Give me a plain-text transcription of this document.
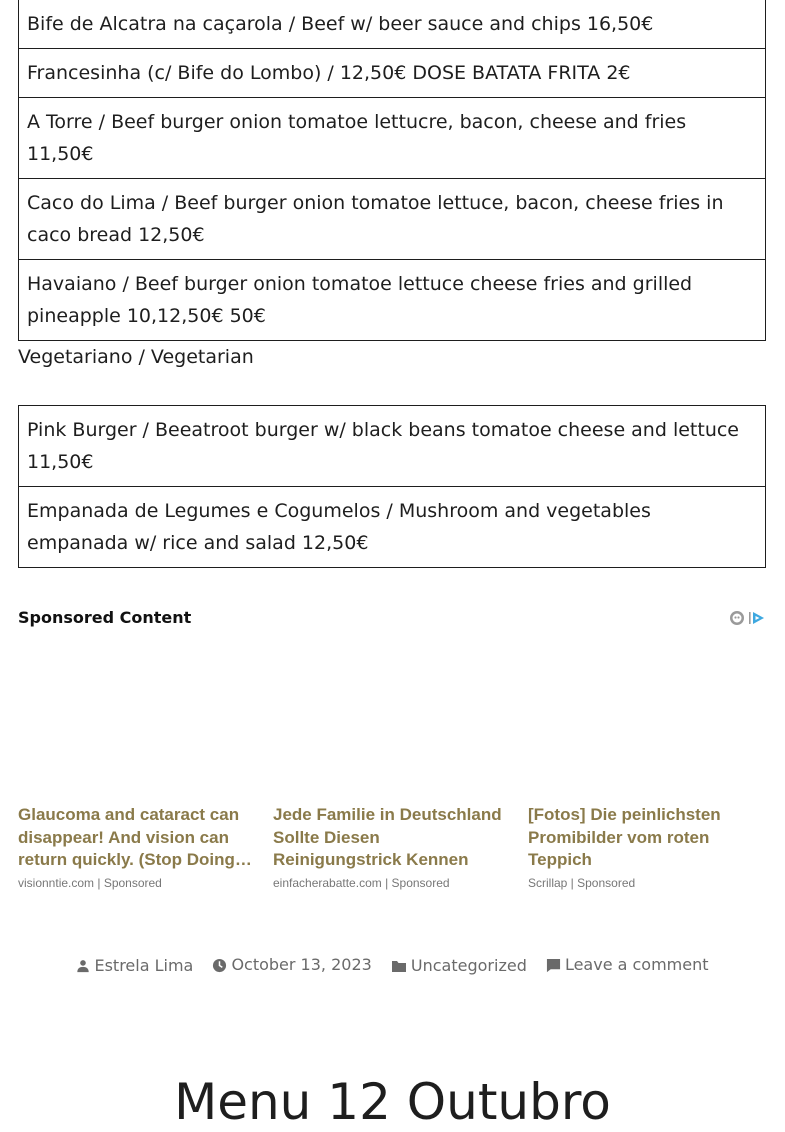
Bife de Alcatra na caçarola / Beef w/ beer sauce and chips 16,50€
Francesinha (c/ Bife do Lombo) / 12,50€ DOSE BATATA FRITA 2€
A Torre / Beef burger onion tomatoe lettucre, bacon, cheese and fries 11,50€
Caco do Lima / Beef burger onion tomatoe lettuce, bacon, cheese fries in caco bread 12,50€
Havaiano / Beef burger onion tomatoe lettuce cheese fries and grilled pineapple 10,12,50€ 50€

Vegetariano / Vegetarian

Pink Burger / Beeatroot burger w/ black beans tomatoe cheese and lettuce 11,50€
Empanada de Legumes e Cogumelos / Mushroom and vegetables empanada w/ rice and salad 12,50€

Sponsored Content

Glaucoma and cataract can disappear! And vision can return quickly. (Stop Doing
visionntie.com | Sponsored
Jede Familie in Deutschland Sollte Diesen Reinigungstrick Kennen
einfacherabatte.com | Sponsored
[Fotos] Die peinlichsten Promibilder vom roten Teppich
Scrillap | Sponsored
Estrela Lima
October 13, 2023
Uncategorized
Leave a comment
Menu 12 Outubro
